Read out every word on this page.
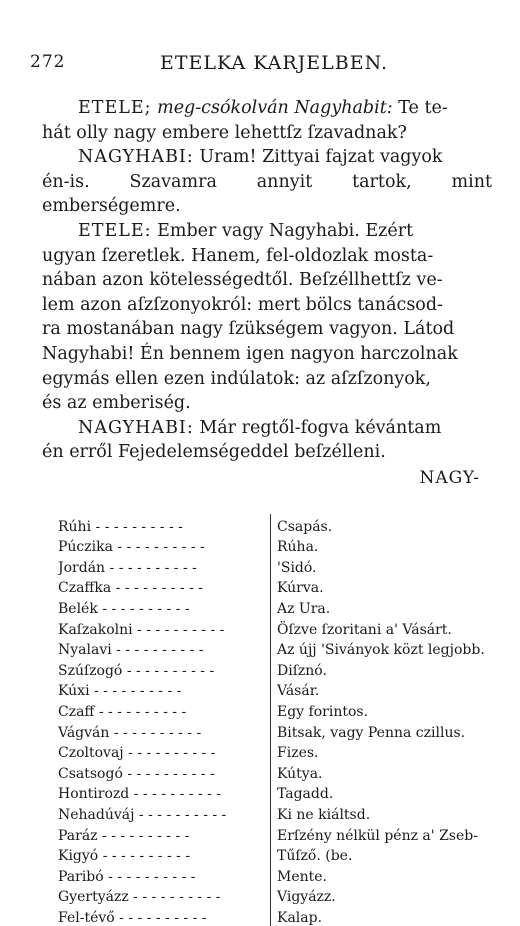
272	ETELKA KARJELBEN.

ETELE; meg-csókolván Nagyhabit: Te te-
hát olly nagy embere lehettſz ſzavadnak?

NAGYHABI: Uram! Zittyai fajzat vagyok
én-is. Szavamra annyit tartok, mint emberségemre.

ETELE: Ember vagy Nagyhabi. Ezért
ugyan ſzeretlek. Hanem, fel-oldozlak mosta-
nában azon kötelességedtől. Beſzéllhettſz ve-
lem azon aſzſzonyokról: mert bölcs tanácsod-
ra mostanában nagy ſzükségem vagyon. Látod
Nagyhabi! Én bennem igen nagyon harczolnak
egymás ellen ezen indúlatok: az aſzſzonyok,
és az emberiség.

NAGYHABI: Már regtől-fogva kévántam
én erről Fejedelemségeddel beſzélleni.

NAGY-
Rúhi - - - - - - - - - -	Csapás.
Púczika - - - - - - - - - -	Rúha.
Jordán - - - - - - - - - -	'Sidó.
Czaffka - - - - - - - - - -	Kúrva.
Belék - - - - - - - - - -	Az Ura.
Kaſzakolni - - - - - - - - - -	Öſzve ſzoritani a' Vásárt.
Nyalavi - - - - - - - - - -	Az újj 'Siványok közt legjobb.
Szúſzogó - - - - - - - - - -	Diſznó.
Kúxi - - - - - - - - - -	Vásár.
Czaff - - - - - - - - - -	Egy forintos.
Vágván - - - - - - - - - -	Bitsak, vagy Penna czillus.
Czoltovaj - - - - - - - - - -	Fizes.
Csatsogó - - - - - - - - - -	Kútya.
Hontirozd - - - - - - - - - -	Tagadd.
Nehadúváj - - - - - - - - - -	Ki ne kiáltsd.
Paráz - - - - - - - - - -	Erſzény nélkül pénz a' Zseb-
Kigyó - - - - - - - - - -	Tűſző. (be.
Paribó - - - - - - - - - -	Mente.
Gyertyázz - - - - - - - - - -	Vigyázz.
Fel-tévő - - - - - - - - - -	Kalap.
